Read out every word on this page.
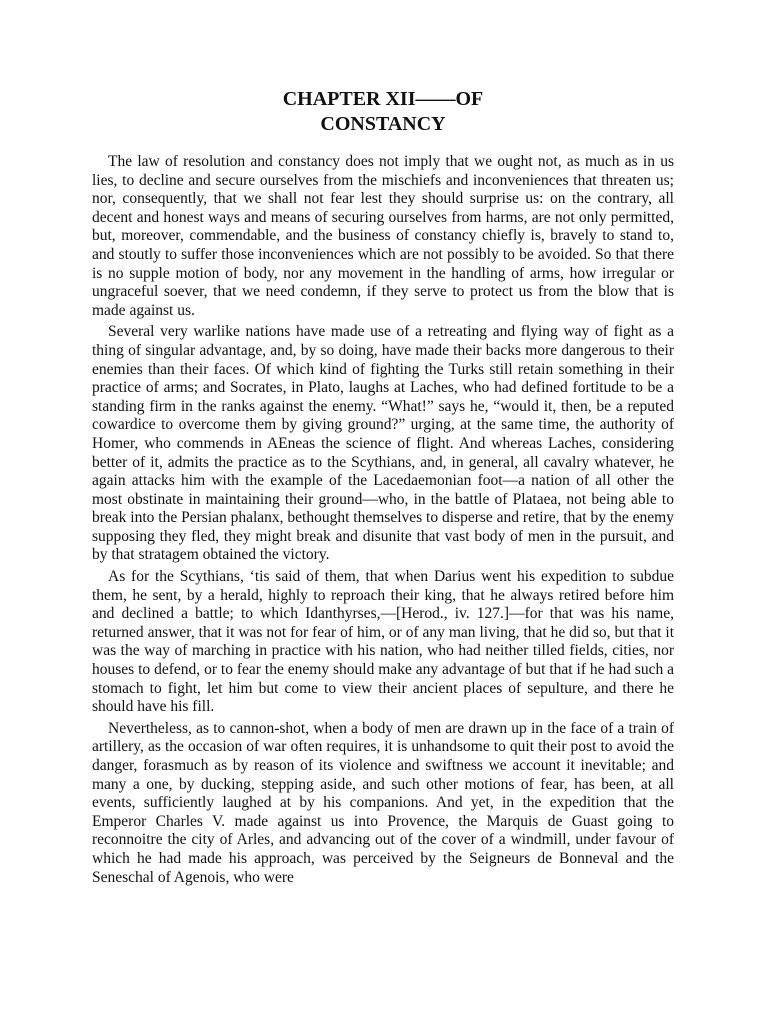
CHAPTER XII——OF
CONSTANCY

The law of resolution and constancy does not imply that we ought not, as much as in us lies, to decline and secure ourselves from the mischiefs and inconveniences that threaten us; nor, consequently, that we shall not fear lest they should surprise us: on the contrary, all decent and honest ways and means of securing ourselves from harms, are not only permitted, but, moreover, commendable, and the business of constancy chiefly is, bravely to stand to, and stoutly to suffer those inconveniences which are not possibly to be avoided. So that there is no supple motion of body, nor any movement in the handling of arms, how irregular or ungraceful soever, that we need condemn, if they serve to protect us from the blow that is made against us.

Several very warlike nations have made use of a retreating and flying way of fight as a thing of singular advantage, and, by so doing, have made their backs more dangerous to their enemies than their faces. Of which kind of fighting the Turks still retain something in their practice of arms; and Socrates, in Plato, laughs at Laches, who had defined fortitude to be a standing firm in the ranks against the enemy. “What!” says he, “would it, then, be a reputed cowardice to overcome them by giving ground?” urging, at the same time, the authority of Homer, who commends in AEneas the science of flight. And whereas Laches, considering better of it, admits the practice as to the Scythians, and, in general, all cavalry whatever, he again attacks him with the example of the Lacedaemonian foot—a nation of all other the most obstinate in maintaining their ground—who, in the battle of Plataea, not being able to break into the Persian phalanx, bethought themselves to disperse and retire, that by the enemy supposing they fled, they might break and disunite that vast body of men in the pursuit, and by that stratagem obtained the victory.

As for the Scythians, ‘tis said of them, that when Darius went his expedition to subdue them, he sent, by a herald, highly to reproach their king, that he always retired before him and declined a battle; to which Idanthyrses,—[Herod., iv. 127.]—for that was his name, returned answer, that it was not for fear of him, or of any man living, that he did so, but that it was the way of marching in practice with his nation, who had neither tilled fields, cities, nor houses to defend, or to fear the enemy should make any advantage of but that if he had such a stomach to fight, let him but come to view their ancient places of sepulture, and there he should have his fill.

Nevertheless, as to cannon-shot, when a body of men are drawn up in the face of a train of artillery, as the occasion of war often requires, it is unhandsome to quit their post to avoid the danger, forasmuch as by reason of its violence and swiftness we account it inevitable; and many a one, by ducking, stepping aside, and such other motions of fear, has been, at all events, sufficiently laughed at by his companions. And yet, in the expedition that the Emperor Charles V. made against us into Provence, the Marquis de Guast going to reconnoitre the city of Arles, and advancing out of the cover of a windmill, under favour of which he had made his approach, was perceived by the Seigneurs de Bonneval and the Seneschal of Agenois, who were
